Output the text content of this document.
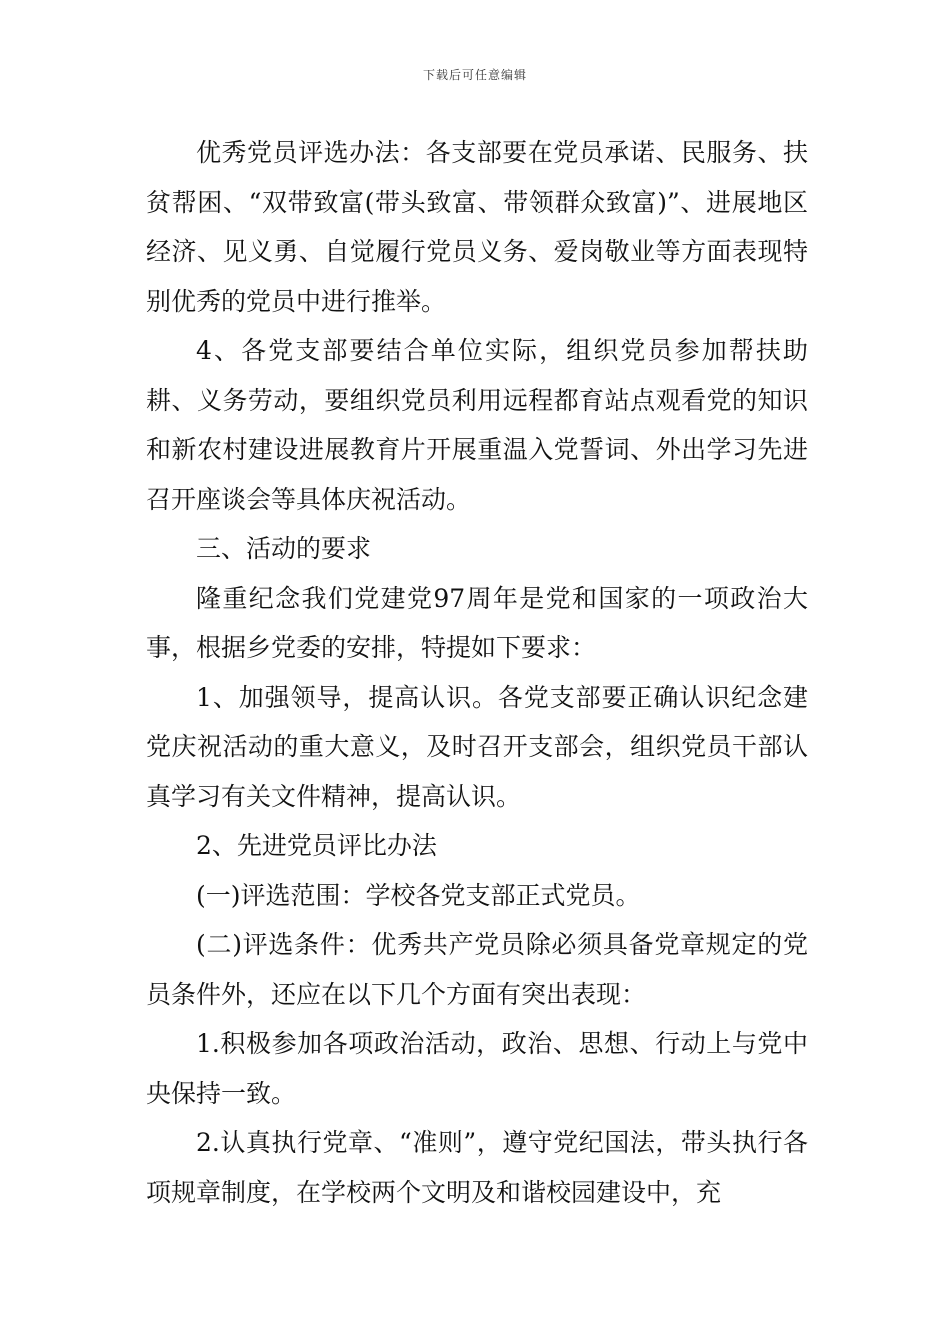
下载后可任意编辑

优秀党员评选办法：各支部要在党员承诺、民服务、扶贫帮困、“双带致富(带头致富、带领群众致富)”、进展地区经济、见义勇、自觉履行党员义务、爱岗敬业等方面表现特别优秀的党员中进行推举。

4、各党支部要结合单位实际，组织党员参加帮扶助耕、义务劳动，要组织党员利用远程都育站点观看党的知识和新农村建设进展教育片开展重温入党誓词、外出学习先进召开座谈会等具体庆祝活动。

三、活动的要求

隆重纪念我们党建党97周年是党和国家的一项政治大事，根据乡党委的安排，特提如下要求：

1、加强领导，提高认识。各党支部要正确认识纪念建党庆祝活动的重大意义，及时召开支部会，组织党员干部认真学习有关文件精神，提高认识。

2、先进党员评比办法

(一)评选范围：学校各党支部正式党员。

(二)评选条件：优秀共产党员除必须具备党章规定的党员条件外，还应在以下几个方面有突出表现：

1.积极参加各项政治活动，政治、思想、行动上与党中央保持一致。

2.认真执行党章、“准则”，遵守党纪国法，带头执行各项规章制度，在学校两个文明及和谐校园建设中，充
